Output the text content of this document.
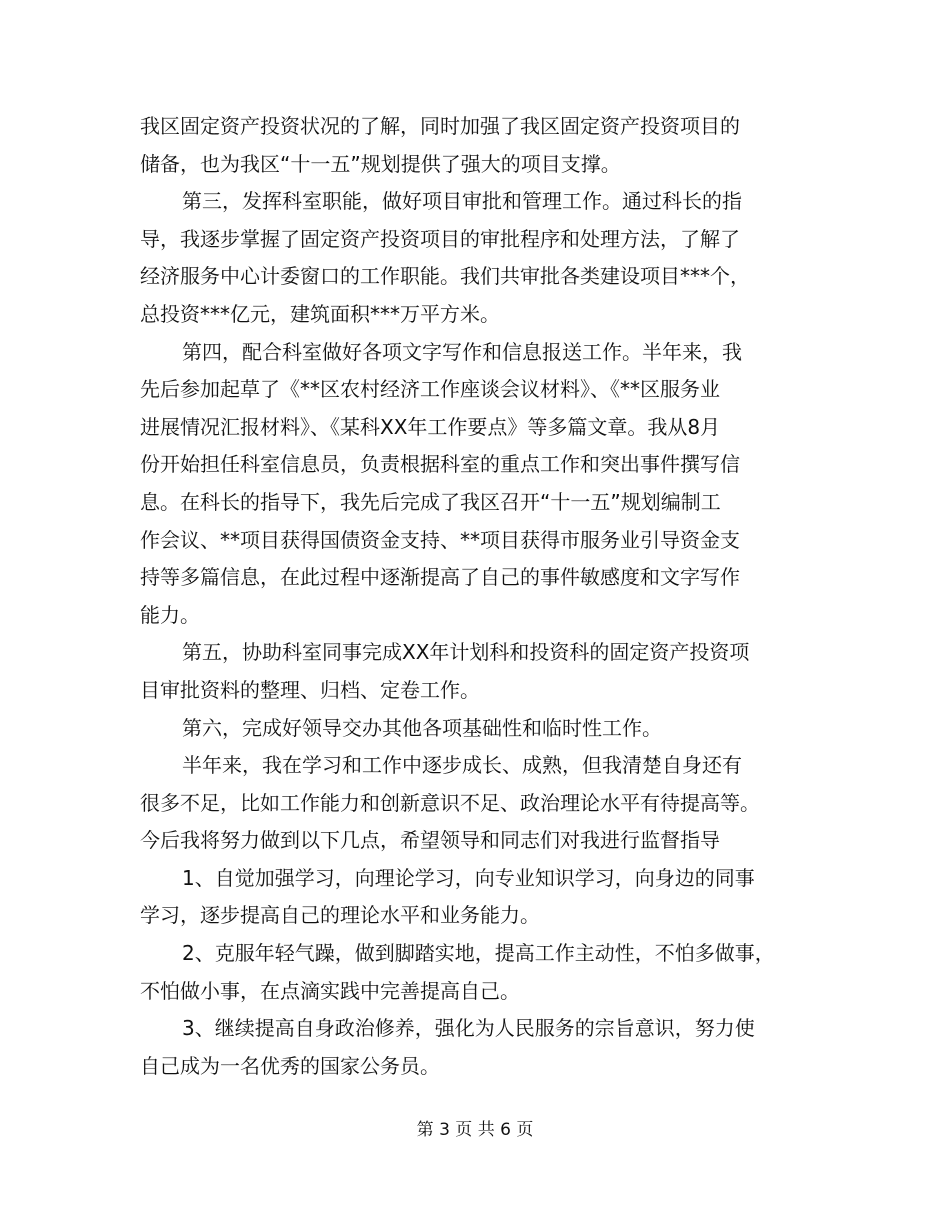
我区固定资产投资状况的了解，同时加强了我区固定资产投资项目的
储备，也为我区“十一五”规划提供了强大的项目支撑。
第三，发挥科室职能，做好项目审批和管理工作。通过科长的指
导，我逐步掌握了固定资产投资项目的审批程序和处理方法，了解了
经济服务中心计委窗口的工作职能。我们共审批各类建设项目***个，
总投资***亿元，建筑面积***万平方米。
第四，配合科室做好各项文字写作和信息报送工作。半年来，我
先后参加起草了《**区农村经济工作座谈会议材料》、《**区服务业
进展情况汇报材料》、《某科XX年工作要点》等多篇文章。我从8月
份开始担任科室信息员，负责根据科室的重点工作和突出事件撰写信
息。在科长的指导下，我先后完成了我区召开“十一五”规划编制工
作会议、**项目获得国债资金支持、**项目获得市服务业引导资金支
持等多篇信息，在此过程中逐渐提高了自己的事件敏感度和文字写作
能力。
第五，协助科室同事完成XX年计划科和投资科的固定资产投资项
目审批资料的整理、归档、定卷工作。
第六，完成好领导交办其他各项基础性和临时性工作。
半年来，我在学习和工作中逐步成长、成熟，但我清楚自身还有
很多不足，比如工作能力和创新意识不足、政治理论水平有待提高等。
今后我将努力做到以下几点，希望领导和同志们对我进行监督指导
1、自觉加强学习，向理论学习，向专业知识学习，向身边的同事
学习，逐步提高自己的理论水平和业务能力。
2、克服年轻气躁，做到脚踏实地，提高工作主动性，不怕多做事，
不怕做小事，在点滴实践中完善提高自己。
3、继续提高自身政治修养，强化为人民服务的宗旨意识，努力使
自己成为一名优秀的国家公务员。
第 3 页 共 6 页
